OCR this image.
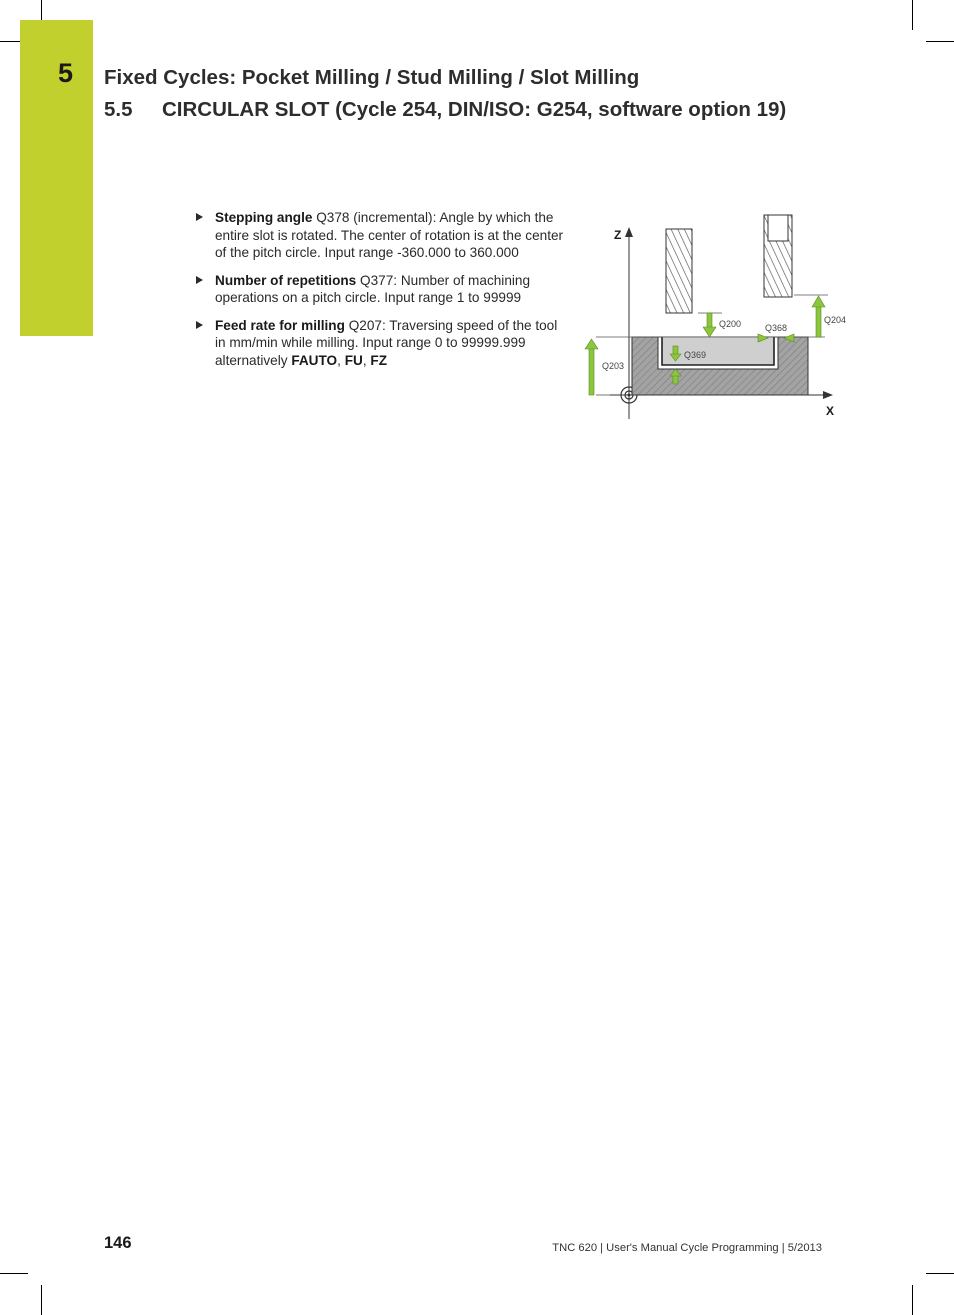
5	Fixed Cycles: Pocket Milling / Stud Milling / Slot Milling
5.5 CIRCULAR SLOT (Cycle 254, DIN/ISO: G254, software option 19)
Stepping angle Q378 (incremental): Angle by which the entire slot is rotated. The center of rotation is at the center of the pitch circle. Input range -360.000 to 360.000
Number of repetitions Q377: Number of machining operations on a pitch circle. Input range 1 to 99999
Feed rate for milling Q207: Traversing speed of the tool in mm/min while milling. Input range 0 to 99999.999 alternatively FAUTO, FU, FZ
Z
X
Q203
Q200	Q368
Q204
Q369
146	TNC 620 | User's Manual Cycle Programming | 5/2013
